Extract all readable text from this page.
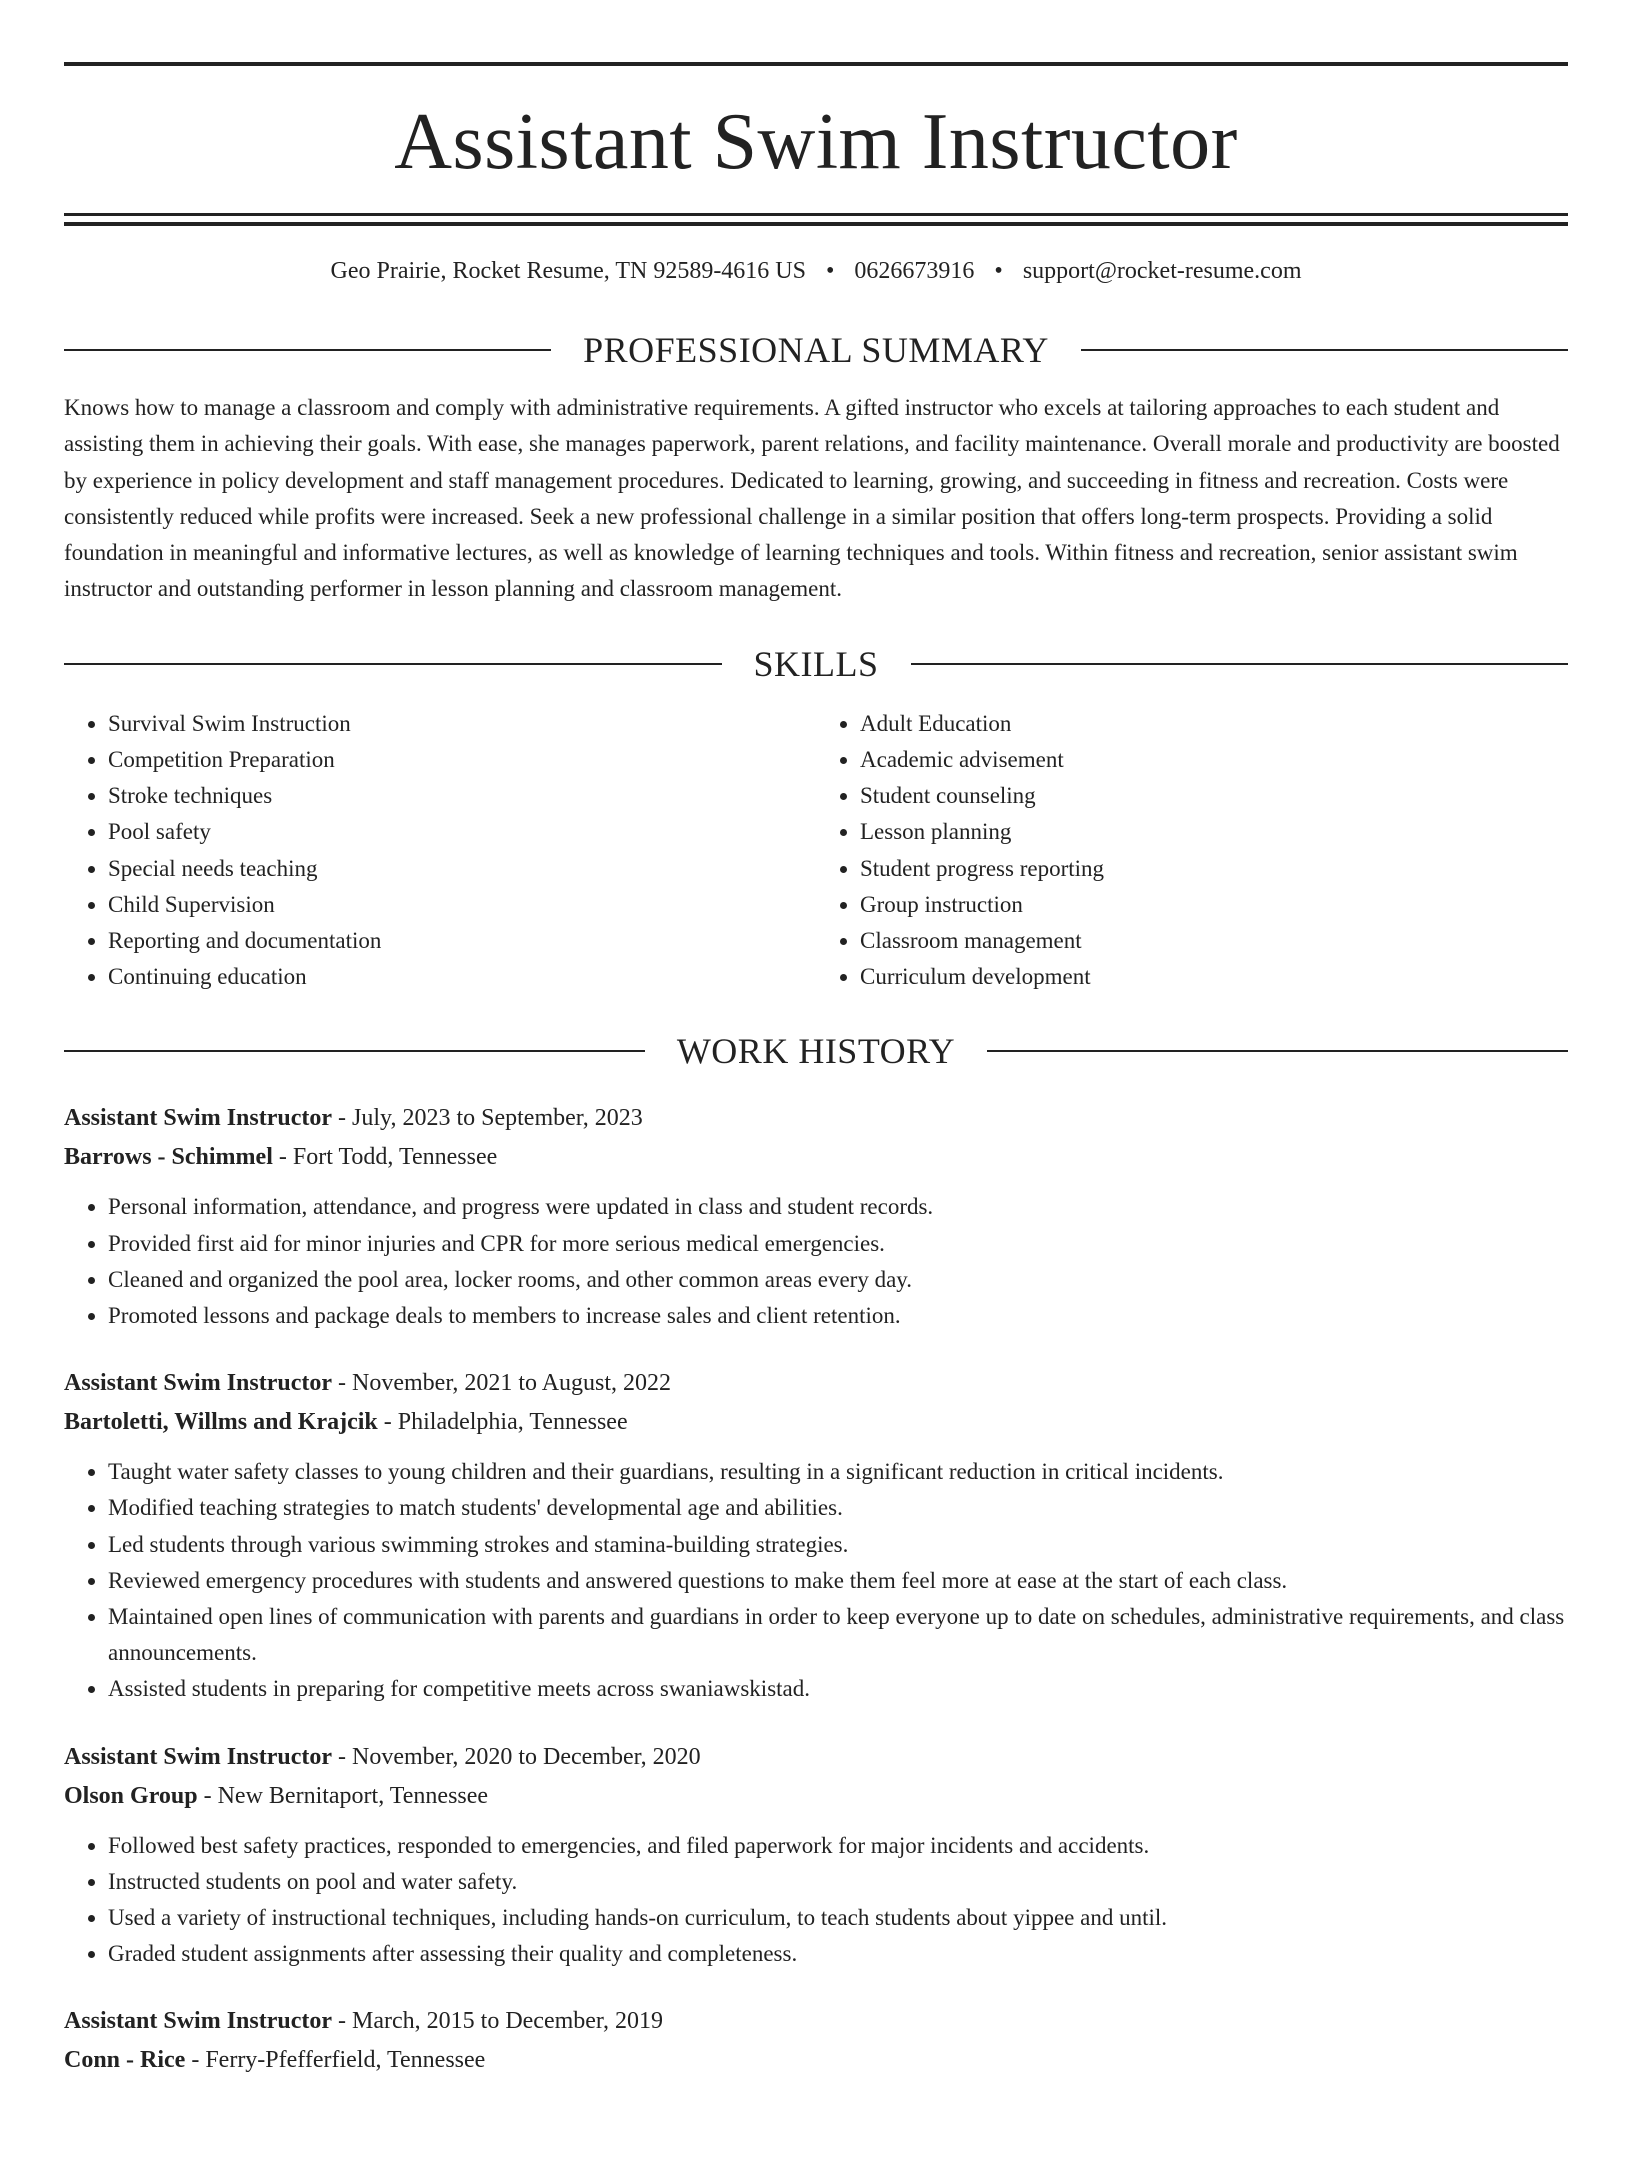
Assistant Swim Instructor
Geo Prairie, Rocket Resume, TN 92589-4616 US • 0626673916 • support@rocket-resume.com
PROFESSIONAL SUMMARY
Knows how to manage a classroom and comply with administrative requirements. A gifted instructor who excels at tailoring approaches to each student and assisting them in achieving their goals. With ease, she manages paperwork, parent relations, and facility maintenance. Overall morale and productivity are boosted by experience in policy development and staff management procedures. Dedicated to learning, growing, and succeeding in fitness and recreation. Costs were consistently reduced while profits were increased. Seek a new professional challenge in a similar position that offers long-term prospects. Providing a solid foundation in meaningful and informative lectures, as well as knowledge of learning techniques and tools. Within fitness and recreation, senior assistant swim instructor and outstanding performer in lesson planning and classroom management.
SKILLS
• Survival Swim Instruction
• Competition Preparation
• Stroke techniques
• Pool safety
• Special needs teaching
• Child Supervision
• Reporting and documentation
• Continuing education
• Adult Education
• Academic advisement
• Student counseling
• Lesson planning
• Student progress reporting
• Group instruction
• Classroom management
• Curriculum development
WORK HISTORY
Assistant Swim Instructor - July, 2023 to September, 2023
Barrows - Schimmel - Fort Todd, Tennessee
• Personal information, attendance, and progress were updated in class and student records.
• Provided first aid for minor injuries and CPR for more serious medical emergencies.
• Cleaned and organized the pool area, locker rooms, and other common areas every day.
• Promoted lessons and package deals to members to increase sales and client retention.
Assistant Swim Instructor - November, 2021 to August, 2022
Bartoletti, Willms and Krajcik - Philadelphia, Tennessee
• Taught water safety classes to young children and their guardians, resulting in a significant reduction in critical incidents.
• Modified teaching strategies to match students' developmental age and abilities.
• Led students through various swimming strokes and stamina-building strategies.
• Reviewed emergency procedures with students and answered questions to make them feel more at ease at the start of each class.
• Maintained open lines of communication with parents and guardians in order to keep everyone up to date on schedules, administrative requirements, and class announcements.
• Assisted students in preparing for competitive meets across swaniawskistad.
Assistant Swim Instructor - November, 2020 to December, 2020
Olson Group - New Bernitaport, Tennessee
• Followed best safety practices, responded to emergencies, and filed paperwork for major incidents and accidents.
• Instructed students on pool and water safety.
• Used a variety of instructional techniques, including hands-on curriculum, to teach students about yippee and until.
• Graded student assignments after assessing their quality and completeness.
Assistant Swim Instructor - March, 2015 to December, 2019
Conn - Rice - Ferry-Pfefferfield, Tennessee
